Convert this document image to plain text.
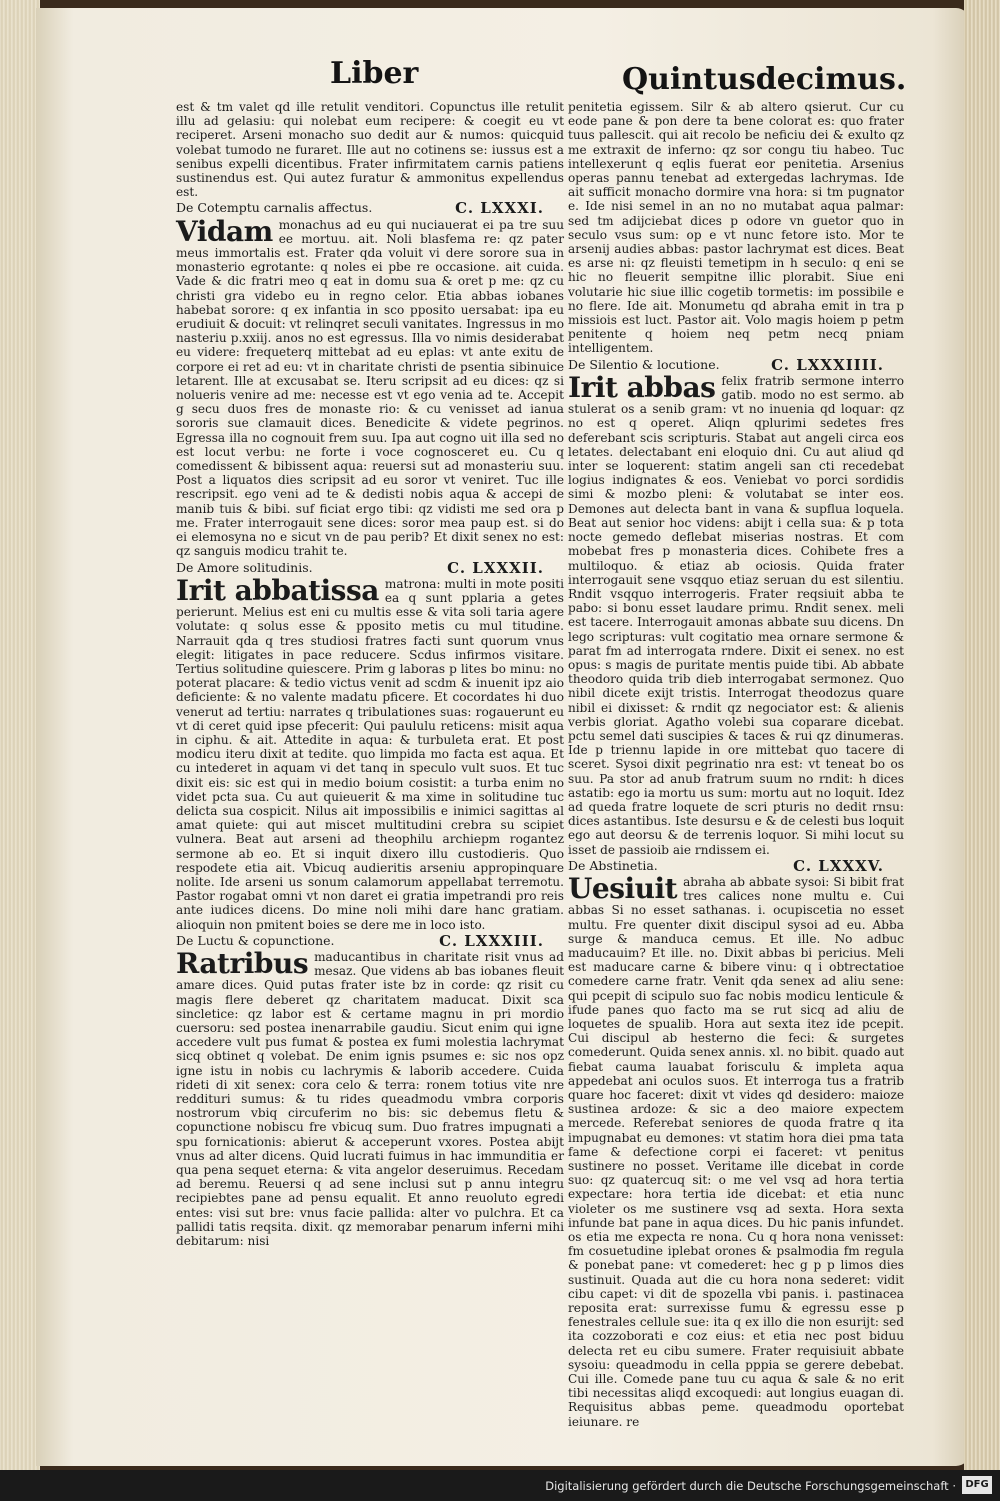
Liber	Quintusdecimus.

est & tm valet qd ille retulit venditori. Copunctus ille retulit illu ad gelasiu: qui nolebat eum recipere: & coegit eu vt reciperet. Arseni monacho suo dedit aur & numos: quicquid volebat tumodo ne furaret. Ille aut no cotinens se: iussus est a senibus expelli dicentibus. Frater infirmitatem carnis patiens sustinendus est. Qui autez furatur & ammonitus expellendus est.

De Cotemptu carnalis affectus.	C. LXXXI.
Vidam monachus ad eu qui nuciauerat ei pa tre suu ee mortuu. ait. Noli blasfema re: qz pater meus immortalis est. Frater qda voluit vi dere sorore sua in monasterio egrotante: q noles ei pbe re occasione. ait cuida. Vade & dic fratri meo q eat in domu sua & oret p me: qz cu christi gra videbo eu in regno celor. Etia abbas iobanes habebat sorore: q ex infantia in sco pposito uersabat: ipa eu erudiuit & docuit: vt relinqret seculi vanitates. Ingressus in mo nasteriu p.xxiij. anos no est egressus. Illa vo nimis desiderabat eu videre: frequeterq mittebat ad eu eplas: vt ante exitu de corpore ei ret ad eu: vt in charitate christi de psentia sibinuice letarent. Ille at excusabat se. Iteru scripsit ad eu dices: qz si nolueris venire ad me: necesse est vt ego venia ad te. Accepit g secu duos fres de monaste rio: & cu venisset ad ianua sororis sue clamauit dices. Benedicite & videte pegrinos. Egressa illa no cognouit frem suu. Ipa aut cogno uit illa sed no est locut verbu: ne forte i voce cognosceret eu. Cu q comedissent & bibissent aqua: reuersi sut ad monasteriu suu. Post a liquatos dies scripsit ad eu soror vt veniret. Tuc ille rescripsit. ego veni ad te & dedisti nobis aqua & accepi de manib tuis & bibi. suf ficiat ergo tibi: qz vidisti me sed ora p me. Frater interrogauit sene dices: soror mea paup est. si do ei elemosyna no e sicut vn de pau perib? Et dixit senex no est: qz sanguis modicu trahit te.
De Amore solitudinis.	C. LXXXII.
Irit abbatissa matrona: multi in mote positi ea q sunt pplaria a getes perierunt. Melius est eni cu multis esse & vita soli taria agere volutate: q solus esse & pposito metis cu mul titudine. Narrauit qda q tres studiosi fratres facti sunt quorum vnus elegit: litigates in pace reducere. Scdus infirmos visitare. Tertius solitudine quiescere. Prim g laboras p lites bo minu: no poterat placare: & tedio victus venit ad scdm & inuenit ipz aio deficiente: & no valente madatu pficere. Et cocordates hi duo venerut ad tertiu: narrates q tribulationes suas: rogauerunt eu vt di ceret quid ipse pfecerit: Qui paululu reticens: misit aqua in ciphu. & ait. Attedite in aqua: & turbuleta erat. Et post modicu iteru dixit at tedite. quo limpida mo facta est aqua. Et cu intederet in aquam vi det tanq in speculo vult suos. Et tuc dixit eis: sic est qui in medio boium cosistit: a turba enim no videt pcta sua. Cu aut quieuerit & ma xime in solitudine tuc delicta sua cospicit. Nilus ait impossibilis e inimici sagittas al amat quiete: qui aut miscet multitudini crebra su scipiet vulnera. Beat aut arseni ad theophilu archiepm rogantez sermone ab eo. Et si inquit dixero illu custodieris. Quo respodete etia ait. Vbicuq audieritis arseniu appropinquare nolite. Ide arseni us sonum calamorum appellabat terremotu. Pastor rogabat omni vt non daret ei gratia impetrandi pro reis ante iudices dicens. Do mine noli mihi dare hanc gratiam. alioquin non pmitent boies se dere me in loco isto.
De Luctu & copunctione.	C. LXXXIII.
Ratribus maducantibus in charitate risit vnus ad mesaz. Que videns ab bas iobanes fleuit amare dices. Quid putas frater iste bz in corde: qz risit cu magis flere deberet qz charitatem maducat. Dixit sca sincletice: qz labor est & certame magnu in pri mordio cuersoru: sed postea inenarrabile gaudiu. Sicut enim qui igne accedere vult pus fumat & postea ex fumi molestia lachrymat sicq obtinet q volebat. De enim ignis psumes e: sic nos opz igne istu in nobis cu lachrymis & laborib accedere. Cuida rideti di xit senex: cora celo & terra: ronem totius vite nre reddituri sumus: & tu rides queadmodu vmbra corporis nostrorum vbiq circuferim no bis: sic debemus fletu & copunctione nobiscu fre vbicuq sum. Duo fratres impugnati a spu fornicationis: abierut & acceperunt vxores. Postea abijt vnus ad alter dicens. Quid lucrati fuimus in hac immunditia er qua pena sequet eterna: & vita angelor deseruimus. Recedam ad beremu. Reuersi q ad sene inclusi sut p annu integru recipiebtes pane ad pensu equalit. Et anno reuoluto egredi entes: visi sut bre: vnus facie pallida: alter vo pulchra. Et ca pallidi tatis reqsita. dixit. qz memorabar penarum inferni mihi debitarum: nisi

penitetia egissem. Silr & ab altero qsierut. Cur cu eode pane & pon dere ta bene colorat es: quo frater tuus pallescit. qui ait recolo be neficiu dei & exulto qz me extraxit de inferno: qz sor congu tiu habeo. Tuc intellexerunt q eqlis fuerat eor penitetia. Arsenius operas pannu tenebat ad extergedas lachrymas. Ide ait sufficit monacho dormire vna hora: si tm pugnator e. Ide nisi semel in an no no mutabat aqua palmar: sed tm adijciebat dices p odore vn guetor quo in seculo vsus sum: op e vt nunc fetore isto. Mor te arsenij audies abbas: pastor lachrymat est dices. Beat es arse ni: qz fleuisti temetipm in h seculo: q eni se hic no fleuerit sempitne illic plorabit. Siue eni volutarie hic siue illic cogetib tormetis: im possibile e no flere. Ide ait. Monumetu qd abraha emit in tra p missiois est luct. Pastor ait. Volo magis hoiem p petm penitente q hoiem neq petm necq pniam intelligentem.

De Silentio & locutione.	C. LXXXIIII.
Irit abbas felix fratrib sermone interro gatib. modo no est sermo. ab stulerat os a senib gram: vt no inuenia qd loquar: qz no est q operet. Aliqn qplurimi sedetes fres deferebant scis scripturis. Stabat aut angeli circa eos letates. delectabant eni eloquio dni. Cu aut aliud qd inter se loquerent: statim angeli san cti recedebat logius indignates & eos. Veniebat vo porci sordidis simi & mozbo pleni: & volutabat se inter eos. Demones aut delecta bant in vana & supflua loquela. Beat aut senior hoc videns: abijt i cella sua: & p tota nocte gemedo deflebat miserias nostras. Et com mobebat fres p monasteria dices. Cohibete fres a multiloquo. & etiaz ab ociosis. Quida frater interrogauit sene vsqquo etiaz seruan du est silentiu. Rndit vsqquo interrogeris. Frater reqsiuit abba te pabo: si bonu esset laudare primu. Rndit senex. meli est tacere. Interrogauit amonas abbate suu dicens. Dn lego scripturas: vult cogitatio mea ornare sermone & parat fm ad interrogata rndere. Dixit ei senex. no est opus: s magis de puritate mentis puide tibi. Ab abbate theodoro quida trib dieb interrogabat sermonez. Quo nibil dicete exijt tristis. Interrogat theodozus quare nibil ei dixisset: & rndit qz negociator est: & alienis verbis gloriat. Agatho volebi sua coparare dicebat. pctu semel dati suscipies & taces & rui qz dinumeras. Ide p triennu lapide in ore mittebat quo tacere di sceret. Sysoi dixit pegrinatio nra est: vt teneat bo os suu. Pa stor ad anub fratrum suum no rndit: h dices astatib: ego ia mortu us sum: mortu aut no loquit. Idez ad queda fratre loquete de scri pturis no dedit rnsu: dices astantibus. Iste desursu e & de celesti bus loquit ego aut deorsu & de terrenis loquor. Si mihi locut su isset de passioib aie rndissem ei.
De Abstinetia.	C. LXXXV.
Uesiuit abraha ab abbate sysoi: Si bibit frat tres calices none multu e. Cui abbas Si no esset sathanas. i. ocupiscetia no esset multu. Fre quenter dixit discipul sysoi ad eu. Abba surge & manduca cemus. Et ille. No adbuc maducauim? Et ille. no. Dixit abbas bi pericius. Meli est maducare carne & bibere vinu: q i obtrectatioe comedere carne fratr. Venit qda senex ad aliu sene: qui pcepit di scipulo suo fac nobis modicu lenticule & ifude panes quo facto ma se rut sicq ad aliu de loquetes de spualib. Hora aut sexta itez ide pcepit. Cui discipul ab hesterno die feci: & surgetes comederunt. Quida senex annis. xl. no bibit. quado aut fiebat cauma lauabat forisculu & impleta aqua appedebat ani oculos suos. Et interroga tus a fratrib quare hoc faceret: dixit vt vides qd desidero: maioze sustinea ardoze: & sic a deo maiore expectem mercede. Referebat seniores de quoda fratre q ita impugnabat eu demones: vt statim hora diei pma tata fame & defectione corpi ei faceret: vt penitus sustinere no posset. Veritame ille dicebat in corde suo: qz quatercuq sit: o me vel vsq ad hora tertia expectare: hora tertia ide dicebat: et etia nunc violeter os me sustinere vsq ad sexta. Hora sexta infunde bat pane in aqua dices. Du hic panis infundet. os etia me expecta re nona. Cu q hora nona venisset: fm cosuetudine iplebat orones & psalmodia fm regula & ponebat pane: vt comederet: hec g p p limos dies sustinuit. Quada aut die cu hora nona sederet: vidit cibu capet: vi dit de spozella vbi panis. i. pastinacea reposita erat: surrexisse fumu & egressu esse p fenestrales cellule sue: ita q ex illo die non esurijt: sed ita cozzoborati e coz eius: et etia nec post biduu delecta ret eu cibu sumere. Frater requisiuit abbate sysoiu: queadmodu in cella pppia se gerere debebat. Cui ille. Comede pane tuu cu aqua & sale & no erit tibi necessitas aliqd excoquedi: aut longius euagan di. Requisitus abbas peme. queadmodu oportebat ieiunare. re
Digitalisierung gefördert durch die Deutsche Forschungsgemeinschaft · DFG
